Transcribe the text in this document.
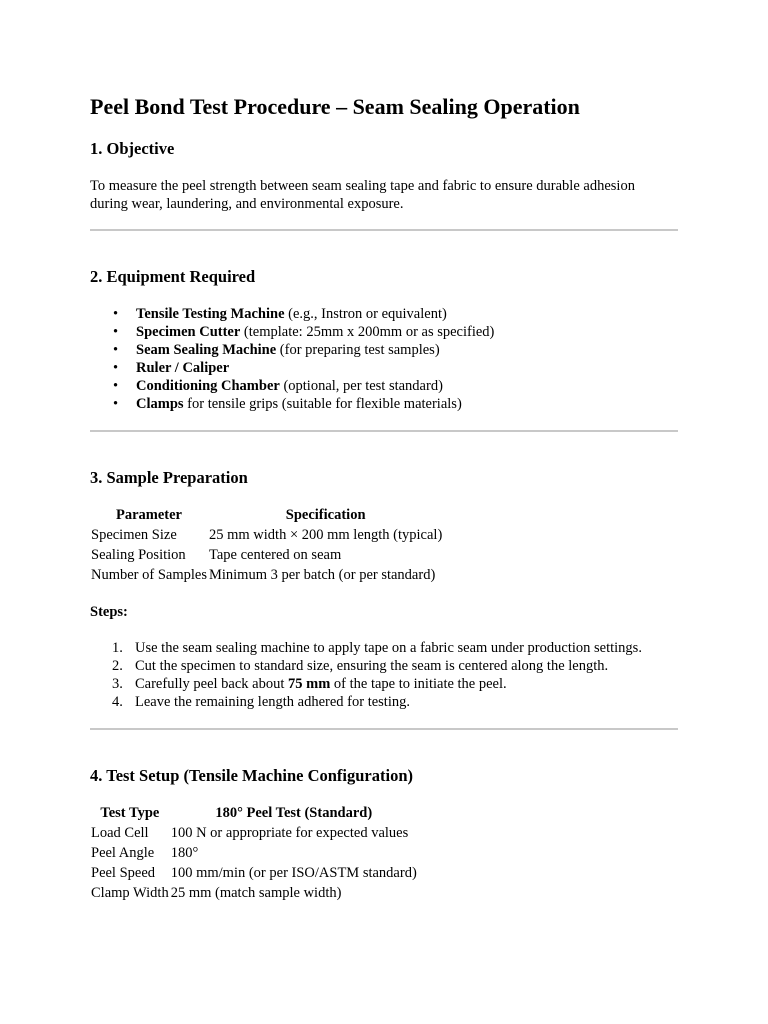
Peel Bond Test Procedure – Seam Sealing Operation
1. Objective

To measure the peel strength between seam sealing tape and fabric to ensure durable adhesion

during wear, laundering, and environmental exposure.

2. Equipment Required
• Tensile Testing Machine (e.g., Instron or equivalent)
• Specimen Cutter (template: 25mm x 200mm or as specified)
• Seam Sealing Machine (for preparing test samples)
• Ruler / Caliper
• Conditioning Chamber (optional, per test standard)
• Clamps for tensile grips (suitable for flexible materials)
3. Sample Preparation
Parameter	Specification
Specimen Size	25 mm width × 200 mm length (typical)
Sealing Position	Tape centered on seam
Number of Samples	Minimum 3 per batch (or per standard)

Steps:

1. Use the seam sealing machine to apply tape on a fabric seam under production settings.
2. Cut the specimen to standard size, ensuring the seam is centered along the length.
3. Carefully peel back about 75 mm of the tape to initiate the peel.
4. Leave the remaining length adhered for testing.
4. Test Setup (Tensile Machine Configuration)
Test Type	180° Peel Test (Standard)
Load Cell	100 N or appropriate for expected values
Peel Angle	180°
Peel Speed	100 mm/min (or per ISO/ASTM standard)
Clamp Width	25 mm (match sample width)
